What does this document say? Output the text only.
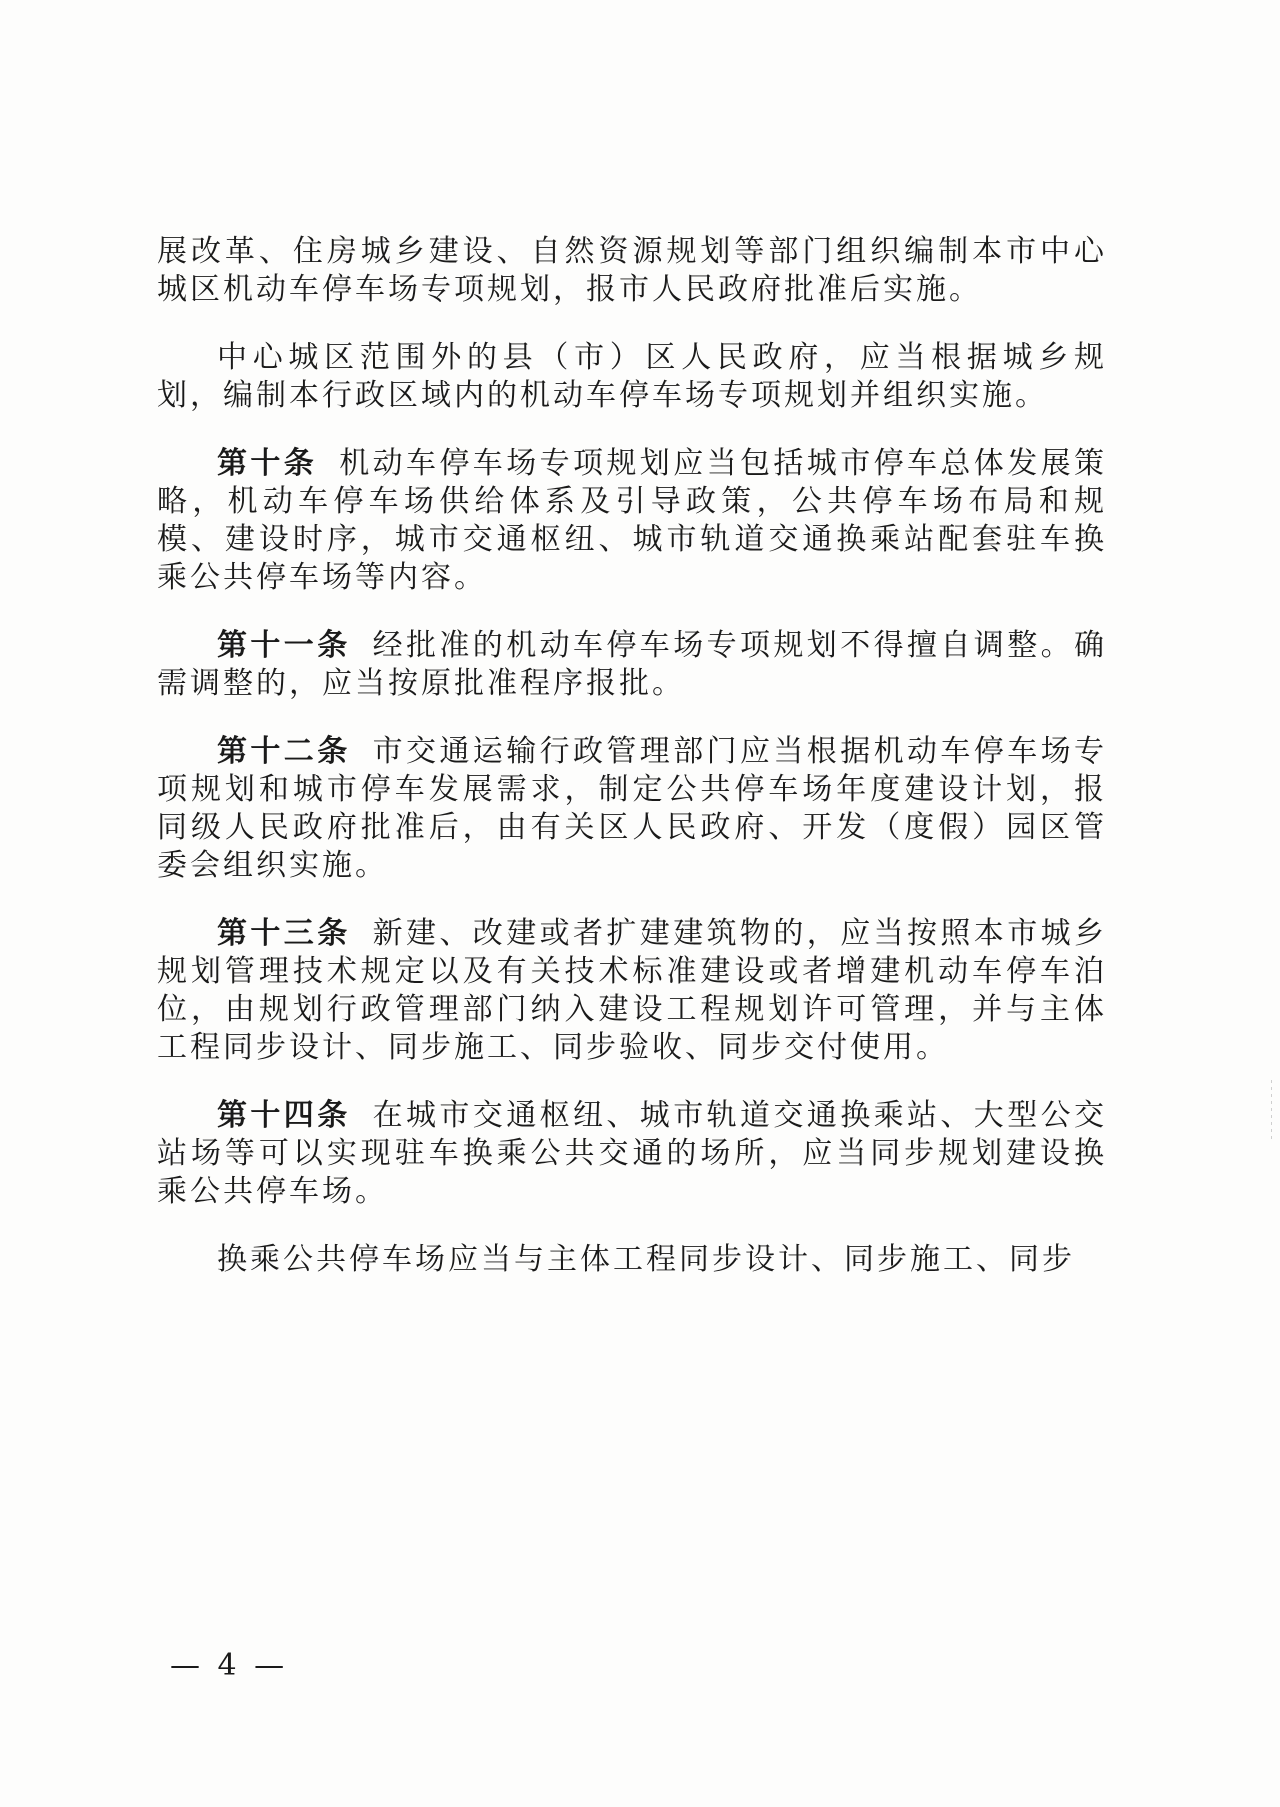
展改革、住房城乡建设、自然资源规划等部门组织编制本市中心城区机动车停车场专项规划，报市人民政府批准后实施。

中心城区范围外的县（市）区人民政府，应当根据城乡规划，编制本行政区域内的机动车停车场专项规划并组织实施。

第十条 机动车停车场专项规划应当包括城市停车总体发展策略，机动车停车场供给体系及引导政策，公共停车场布局和规模、建设时序，城市交通枢纽、城市轨道交通换乘站配套驻车换乘公共停车场等内容。

第十一条 经批准的机动车停车场专项规划不得擅自调整。确需调整的，应当按原批准程序报批。

第十二条 市交通运输行政管理部门应当根据机动车停车场专项规划和城市停车发展需求，制定公共停车场年度建设计划，报同级人民政府批准后，由有关区人民政府、开发（度假）园区管委会组织实施。

第十三条 新建、改建或者扩建建筑物的，应当按照本市城乡规划管理技术规定以及有关技术标准建设或者增建机动车停车泊位，由规划行政管理部门纳入建设工程规划许可管理，并与主体工程同步设计、同步施工、同步验收、同步交付使用。

第十四条 在城市交通枢纽、城市轨道交通换乘站、大型公交站场等可以实现驻车换乘公共交通的场所，应当同步规划建设换乘公共停车场。

换乘公共停车场应当与主体工程同步设计、同步施工、同步

— 4 —
